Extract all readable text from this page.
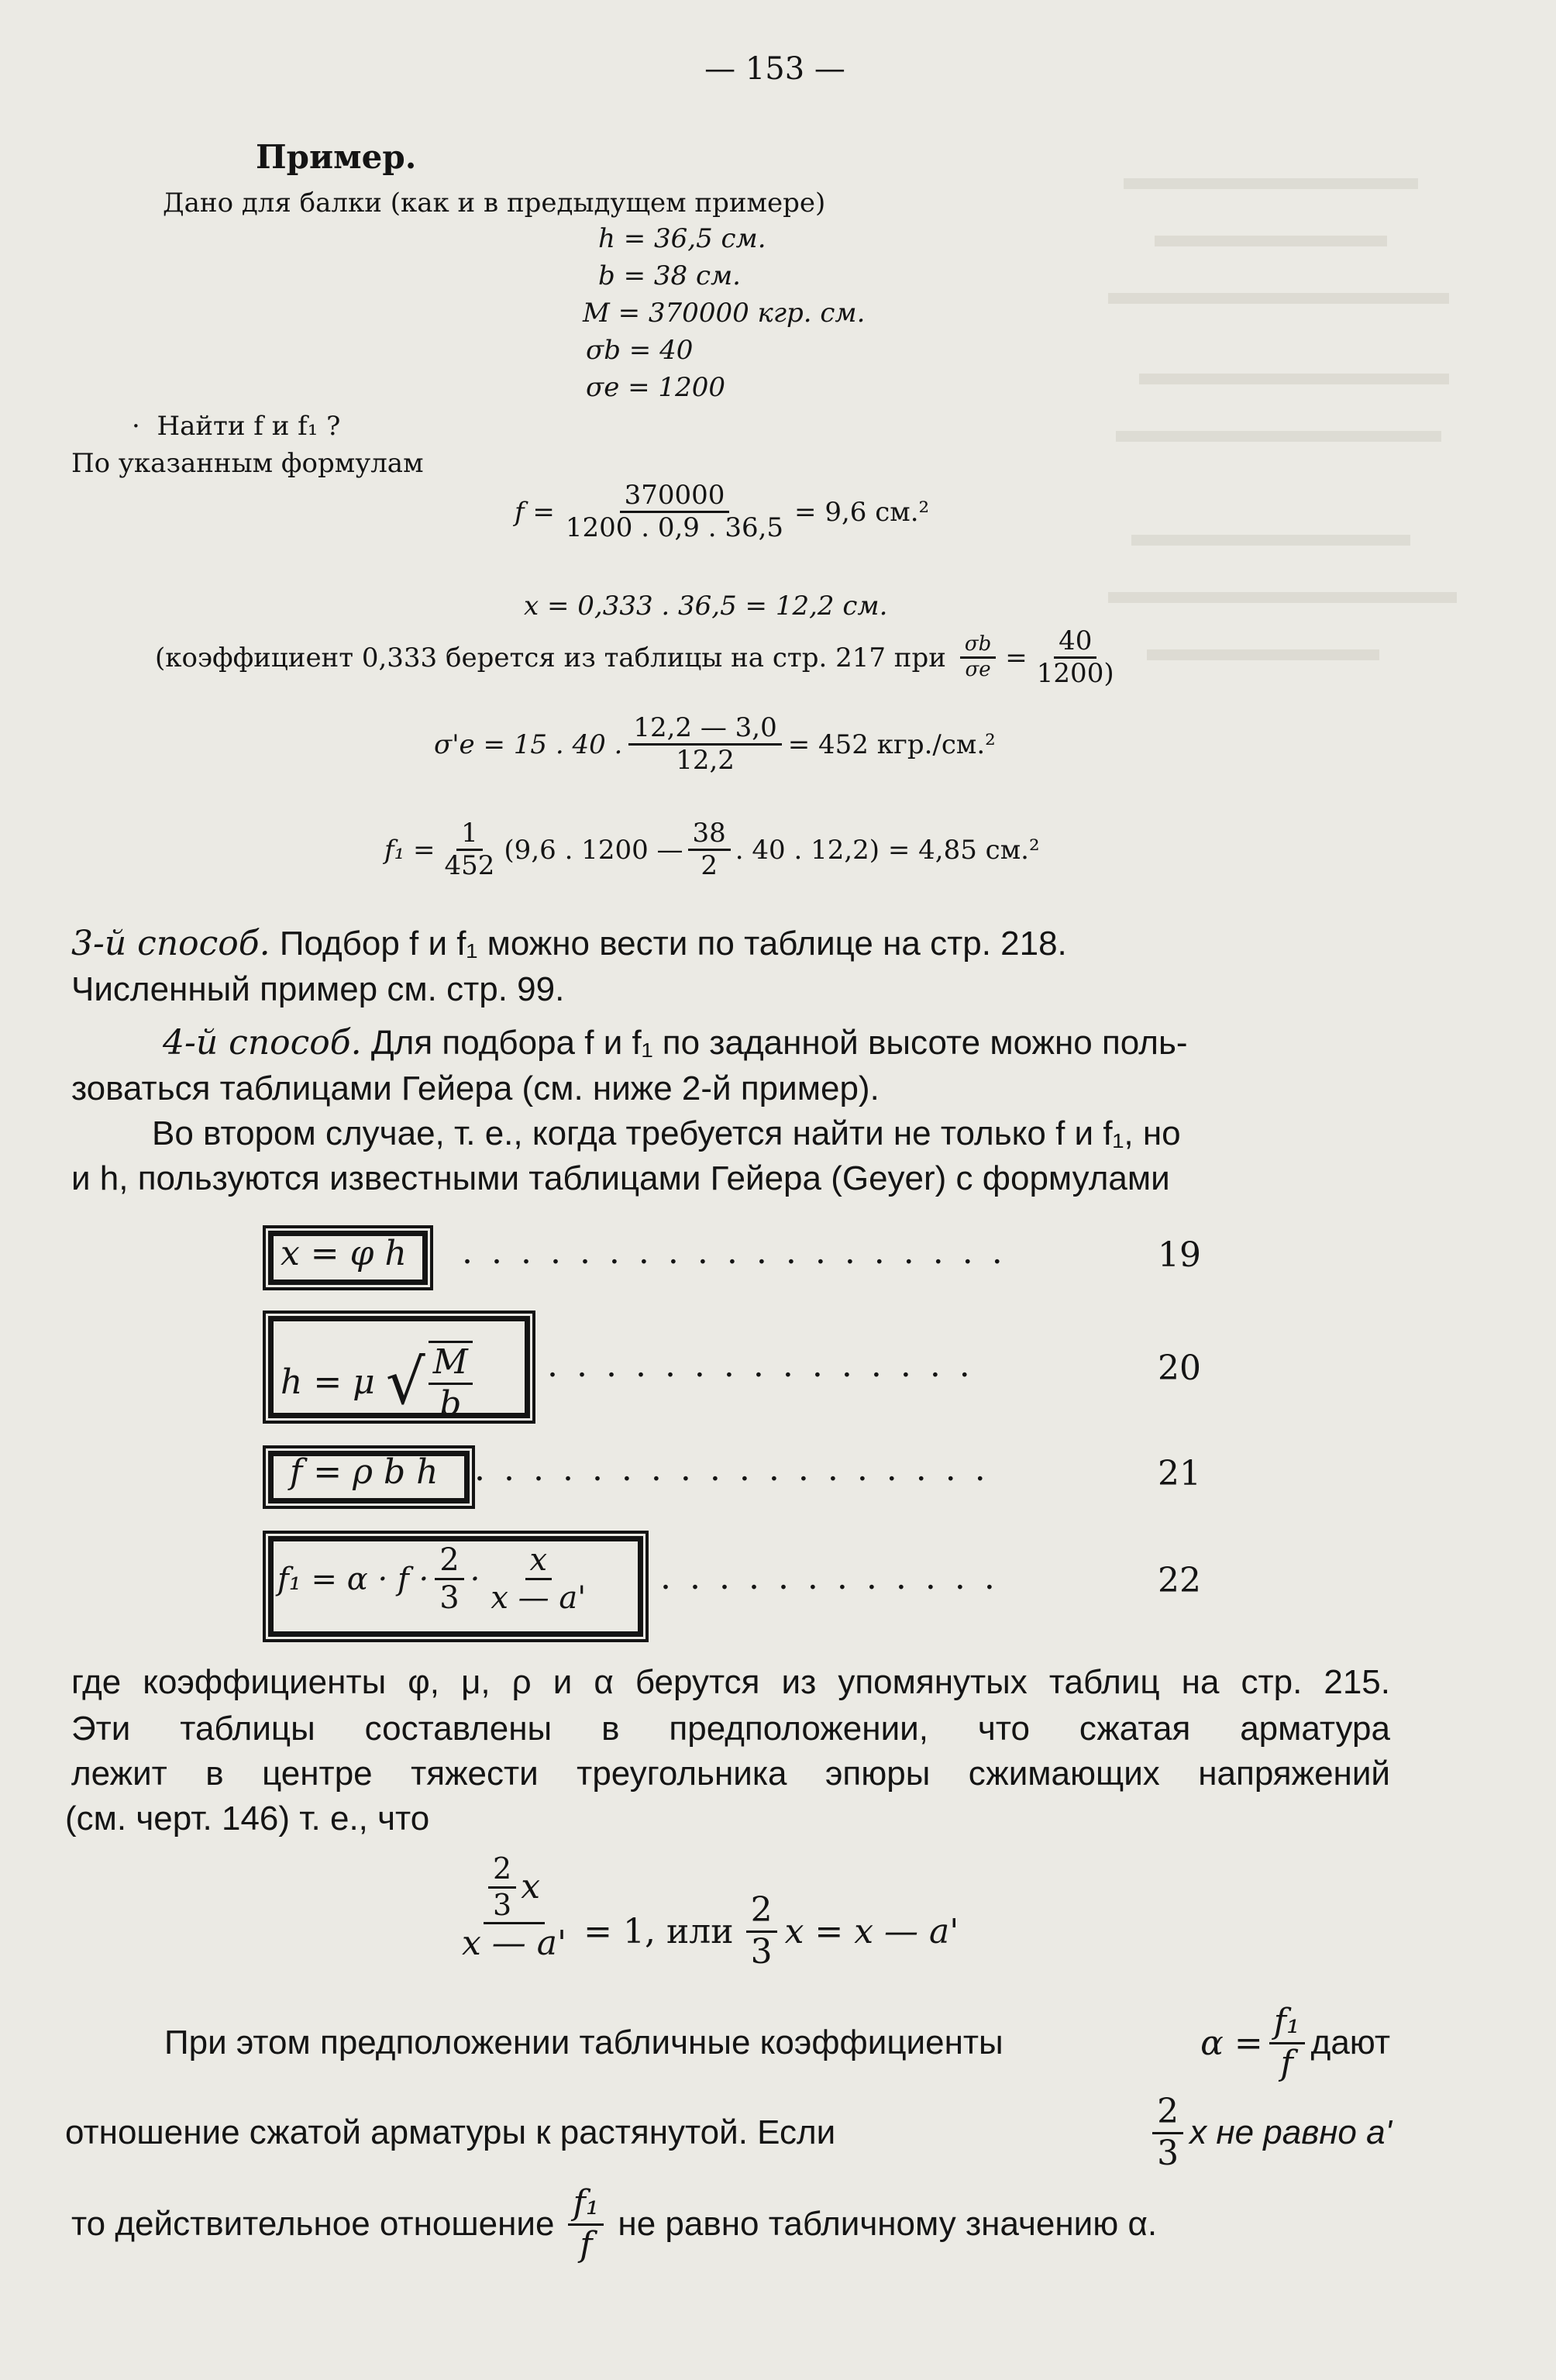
— 153 —
Пример.
Дано для балки (как и в предыдущем примере)
h = 36,5 см.
b = 38 см.
M = 370000 кгр. см.
σb = 40
σe = 1200
·  Найти f и f₁ ?
По указанным формулам
$f = \frac{370000}{1200 . 0,9 . 36,5} = 9,6$ см.²
x = 0,333 . 36,5 = 12,2 см.
(коэффициент 0,333 берется из таблицы на стр. 217 при $\frac{\sigma b}{\sigma e} = \frac{40}{1200)}$
σ'e = 15 . 40 . $\frac{12,2 — 3,0}{12,2} = 452$ кгр./см.²
$f_1 = \frac{1}{452} (9,6$ . 1200 — $\frac{38}{2}$ . 40 . 12,2) = 4,85 см.²
3-й способ. Подбор f и f₁ можно вести по таблице на стр. 218.
Численный пример см. стр. 99.
4-й способ. Для подбора f и f₁ по заданной высоте можно поль-
зоваться таблицами Гейера (см. ниже 2-й пример).
Во втором случае, т. е., когда требуется найти не только f и f₁, но
и h, пользуются известными таблицами Гейера (Geyer) с формулами
x = φ h ...................	19
h = μ √ $\frac{M}{b}$ ...............	20
f = ρ b h ..................	21
$f_1 = \alpha \cdot f \cdot \frac{2}{3} \cdot \frac{x}{x — a'}$ ............	22
где коэффициенты φ, μ, ρ и α берутся из упомянутых таблиц на стр. 215.
Эти таблицы составлены в предположении, что сжатая арматура
лежит в центре тяжести треугольника эпюры сжимающих напряжений
(см. черт. 146) т. е., что
$\frac{\frac{2}{3} x}{x — a'} = 1$, или $\frac{2}{3}$ x = x — a'
При этом предположении табличные коэффициенты	$\alpha = \frac{\text{f₁}}{f}$ дают
отношение сжатой арматуры к растянутой. Если	$\frac{2}{3}$ x не равно a'
то действительное отношение $\frac{\text{f₁}}{f}$ не равно табличному значению α.
